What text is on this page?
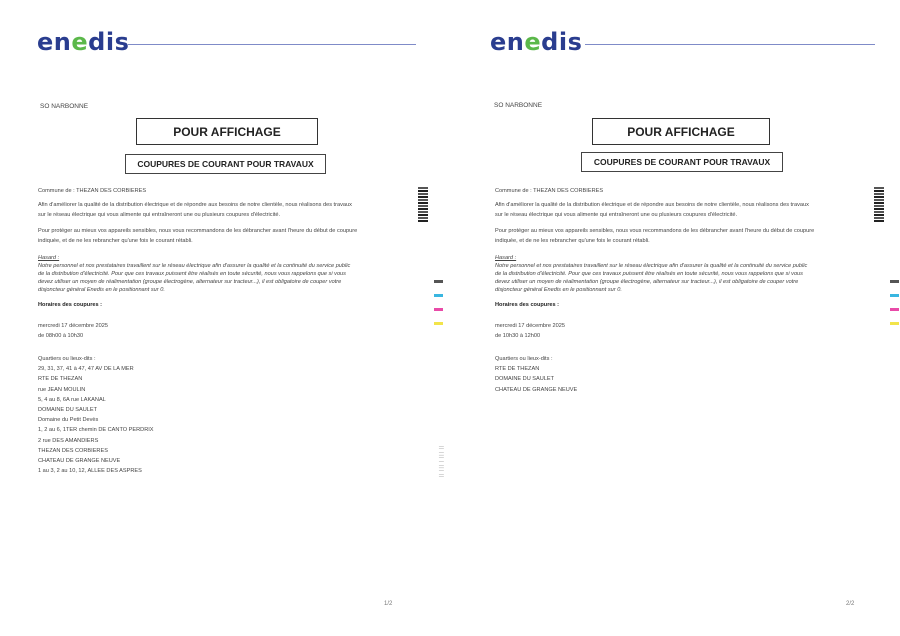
enedis
SO NARBONNE
POUR AFFICHAGE
COUPURES DE COURANT POUR TRAVAUX
Commune de : THEZAN DES CORBIERES
Afin d'améliorer la qualité de la distribution électrique et de répondre aux besoins de notre clientèle, nous réalisons des travaux
sur le réseau électrique qui vous alimente qui entraîneront une ou plusieurs coupures d'électricité.
Pour protéger au mieux vos appareils sensibles, nous vous recommandons de les débrancher avant l'heure du début de coupure
indiquée, et de ne les rebrancher qu'une fois le courant rétabli.
Hasard :
Notre personnel et nos prestataires travaillent sur le réseau électrique afin d'assurer la qualité et la continuité du service public
de la distribution d'électricité. Pour que ces travaux puissent être réalisés en toute sécurité, nous vous rappelons que si vous
devez utiliser un moyen de réalimentation (groupe électrogène, alternateur sur tracteur...), il est obligatoire de couper votre
disjoncteur général Enedis en le positionnant sur 0.
Horaires des coupures :
mercredi 17 décembre 2025
de 08h00 à 10h30
Quartiers ou lieux-dits :
29, 31, 37, 41 à 47, 47 AV DE LA MER
RTE DE THEZAN
rue JEAN MOULIN
5, 4 au 8, 6A rue LAKANAL
DOMAINE DU SAULET
Domaine du Petit Devès
1, 2 au 6, 1TER chemin DE CANTO PERDRIX
2 rue DES AMANDIERS
THEZAN DES CORBIERES
CHATEAU DE GRANGE NEUVE
1 au 3, 2 au 10, 12, ALLEE DES ASPRES	∣∣ ∣∣∣ ∣ ∣∣∣ ∣∣
1/2
enedis
SO NARBONNE
POUR AFFICHAGE
COUPURES DE COURANT POUR TRAVAUX
Commune de : THEZAN DES CORBIERES
Afin d'améliorer la qualité de la distribution électrique et de répondre aux besoins de notre clientèle, nous réalisons des travaux
sur le réseau électrique qui vous alimente qui entraîneront une ou plusieurs coupures d'électricité.
Pour protéger au mieux vos appareils sensibles, nous vous recommandons de les débrancher avant l'heure du début de coupure
indiquée, et de ne les rebrancher qu'une fois le courant rétabli.
Hasard :
Notre personnel et nos prestataires travaillent sur le réseau électrique afin d'assurer la qualité et la continuité du service public
de la distribution d'électricité. Pour que ces travaux puissent être réalisés en toute sécurité, nous vous rappelons que si vous
devez utiliser un moyen de réalimentation (groupe électrogène, alternateur sur tracteur...), il est obligatoire de couper votre
disjoncteur général Enedis en le positionnant sur 0.
Horaires des coupures :
mercredi 17 décembre 2025
de 10h30 à 12h00
Quartiers ou lieux-dits :
RTE DE THEZAN
DOMAINE DU SAULET
CHATEAU DE GRANGE NEUVE
2/2
